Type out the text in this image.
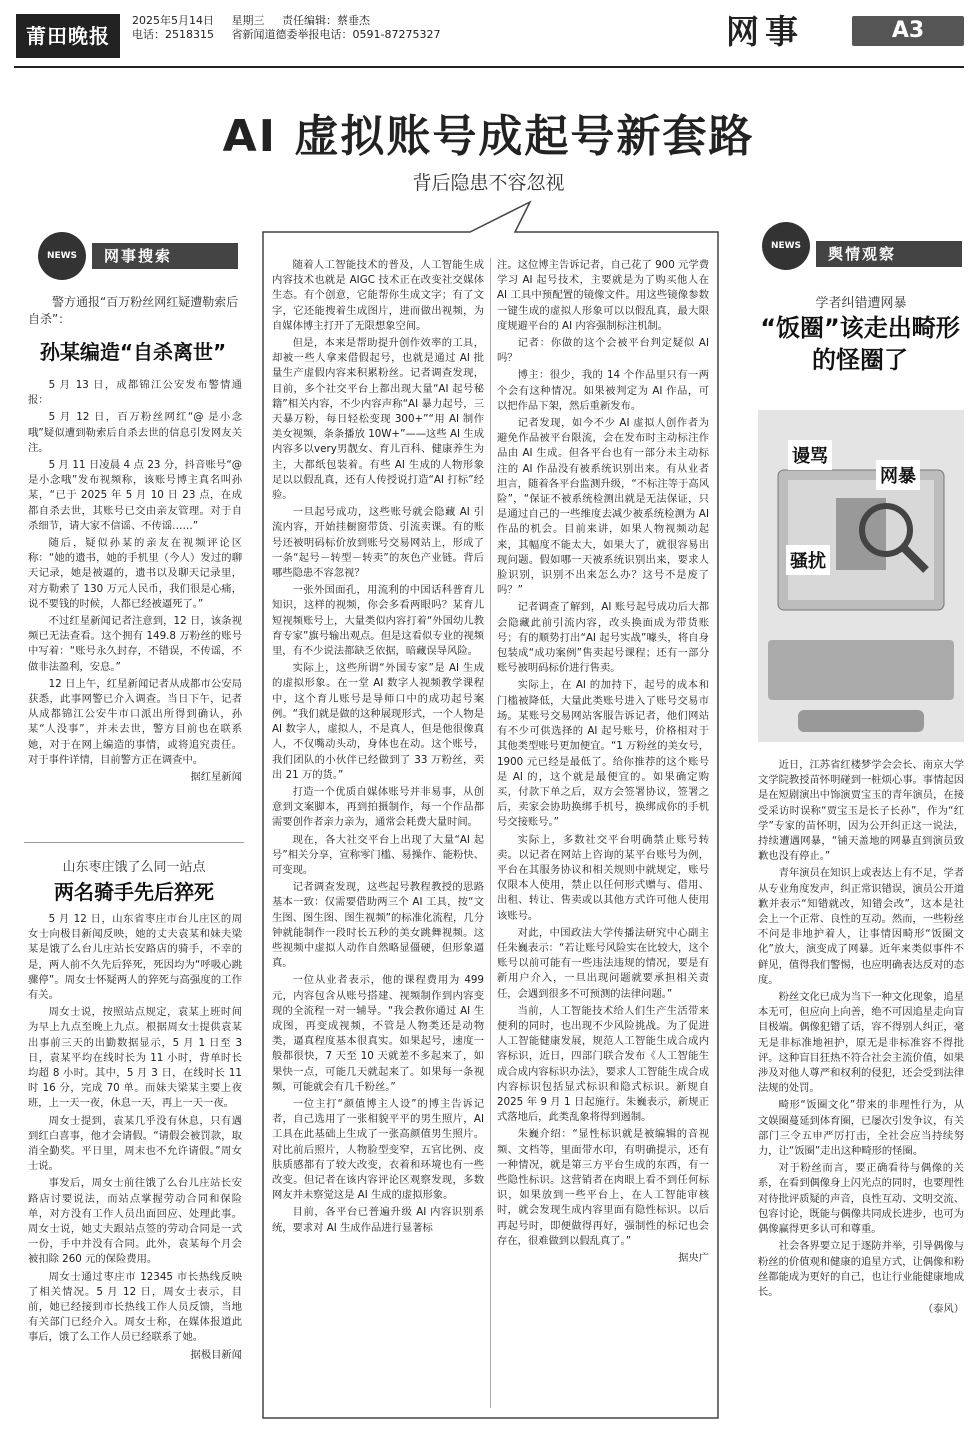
莆田晚报
2025年5月14日 星期三 责任编辑：蔡垂杰
电话：2518315 省新闻道德委举报电话：0591-87275327	网事	A3
AI 虚拟账号成起号新套路
背后隐患不容忽视

随着人工智能技术的普及，人工智能生成内容技术也就是 AIGC 技术正在改变社交媒体生态。有个创意，它能帮你生成文字；有了文字，它还能搜着生成图片，进而做出视频，为自媒体博主打开了无限想象空间。

但是，本来是帮助提升创作效率的工具，却被一些人拿来借假起号，也就是通过 AI 批量生产虚假内容来积累粉丝。记者调查发现，目前，多个社交平台上都出现大量“AI 起号秘籍”相关内容，不少内容声称“AI 暴力起号，三天暴万粉，每日轻松变现 300+”“用 AI 制作美女视频，条条播放 10W+”——这些 AI 生成内容多以very男靓女、育儿百科、健康养生为主，大都纸包装着。有些 AI 生成的人物形象足以以假乱真，还有人传授说打造“AI 打标”经验。

一旦起号成功，这些账号就会隐藏 AI 引流内容，开始挂橱窗带货、引流卖课。有的账号还被明码标价放到账号交易网站上，形成了一条“起号－转型－转卖”的灰色产业链。背后哪些隐患不容忽视？

一张外国面孔，用流利的中国话科普育儿知识，这样的视频，你会多看两眼吗？某育儿短视频账号上，大量类似内容打着“外国幼儿教育专家”旗号输出观点。但是这看似专业的视频里，有不少说法都缺乏依据，暗藏误导风险。

实际上，这些所谓“外国专家”是 AI 生成的虚拟形象。在一堂 AI 数字人视频教学课程中，这个育儿账号是导师口中的成功起号案例。“我们就是做的这种展现形式，一个人物是 AI 数字人，虚拟人，不是真人，但是他很像真人，不仅嘴动头动，身体也在动。这个账号，我们团队的小伙伴已经做到了 33 万粉丝，卖出 21 万的货。”

打造一个优质自媒体账号并非易事，从创意到文案脚本，再到拍摄制作，每一个作品都需要创作者亲力亲为，通常会耗费大量时间。

现在，各大社交平台上出现了大量“AI 起号”相关分享，宣称零门槛、易操作、能粉快、可变现。

记者调查发现，这些起号教程教授的思路基本一致：仅需要借助两三个 AI 工具，按“文生图、图生图、图生视频”的标准化流程，几分钟就能制作一段时长五秒的美女跳舞视频。这些视频中虚拟人动作自然略显僵硬，但形象逼真。

一位从业者表示，他的课程费用为 499 元，内容包含从账号搭建、视频制作到内容变现的全流程一对一辅导。“我会教你通过 AI 生成图，再变成视频，不管是人物类还是动物类，逼真程度基本很真实。如果起号，速度一般都很快，7 天至 10 天就差不多起来了，如果快一点，可能几天就起来了。如果每一条视频，可能就会有几千粉丝。”

一位主打“颜值博主人设”的博主告诉记者，自己选用了一张相貌平平的男生照片，AI 工具在此基础上生成了一张高颜值男生照片。对比前后照片，人物脸型变窄，五官比例、皮肤质感都有了较大改变，衣着和环境也有一些改变。但记者在该内容评论区观察发现，多数网友并未察觉这是 AI 生成的虚拟形象。

目前，各平台已普遍升级 AI 内容识别系统，要求对 AI 生成作品进行显著标

注。这位博主告诉记者，自己花了 900 元学费学习 AI 起号技术，主要就是为了购买他人在 AI 工具中预配置的镜像文件。用这些镜像参数一键生成的虚拟人形象可以以假乱真，最大限度规避平台的 AI 内容强制标注机制。

记者：你做的这个会被平台判定疑似 AI 吗？

博主：很少，我的 14 个作品里只有一两个会有这种情况。如果被判定为 AI 作品，可以把作品下架，然后重新发布。

记者发现，如今不少 AI 虚拟人创作者为避免作品被平台限流，会在发布时主动标注作品由 AI 生成。但各平台也有一部分未主动标注的 AI 作品没有被系统识别出来。有从业者坦言，随着各平台监测升级，“不标注等于高风险”，“保证不被系统检测出就是无法保证，只是通过自己的一些维度去减少被系统检测为 AI 作品的机会。目前来讲，如果人物视频动起来，其幅度不能太大，如果大了，就很容易出现问题。假如哪一天被系统识别出来，要求人脸识别，识别不出来怎么办？这号不是废了吗？”

记者调查了解到，AI 账号起号成功后大都会隐藏此前引流内容，改头换面成为带货账号；有的顺势打出“AI 起号实战”噱头，将自身包装成“成功案例”售卖起号课程；还有一部分账号被明码标价进行售卖。

实际上，在 AI 的加持下，起号的成本和门槛被降低，大量此类账号进入了账号交易市场。某账号交易网站客服告诉记者，他们网站有不少可供选择的 AI 起号账号，价格相对于其他类型账号更加便宜。“1 万粉丝的美女号，1900 元已经是最低了。给你推荐的这个账号是 AI 的，这个就是最便宜的。如果确定购买，付款下单之后，双方会签署协议，签署之后，卖家会协助换绑手机号，换绑成你的手机号交接账号。”

实际上，多数社交平台明确禁止账号转卖。以记者在网站上咨询的某平台账号为例，平台在其服务协议和相关规则中就规定，账号仅限本人使用，禁止以任何形式赠与、借用、出租、转让、售卖或以其他方式许可他人使用该账号。

对此，中国政法大学传播法研究中心副主任朱巍表示：“若让账号风险实在比较大，这个账号以前可能有一些违法违规的情况，要是有新用户介入，一旦出现问题就要承担相关责任，会遇到很多不可预测的法律问题。”

当前，人工智能技术给人们生产生活带来便利的同时，也出现不少风险挑战。为了促进人工智能健康发展，规范人工智能生成合成内容标识，近日，四部门联合发布《人工智能生成合成内容标识办法》，要求人工智能生成合成内容标识包括显式标识和隐式标识。新规自 2025 年 9 月 1 日起施行。朱巍表示，新规正式落地后，此类乱象将得到遏制。

朱巍介绍：“显性标识就是被编辑的音视频、文档等，里面带水印，有明确提示，还有一种情况，就是第三方平台生成的东西，有一些隐性标识。这营销者在肉眼上看不到任何标识，如果放到一些平台上，在人工智能审核时，就会发现生成内容里面有隐性标识。以后再起号时，即便做得再好，强制性的标记也会存在，很难做到以假乱真了。”

据央广

NEWS	网事搜索
警方通报“百万粉丝网红疑遭勒索后自杀”：
孙某编造“自杀离世”

5 月 13 日，成都锦江公安发布警情通报：

5 月 12 日，百万粉丝网红“@ 是小念哦”疑似遭到勒索后自杀去世的信息引发网友关注。

5 月 11 日凌晨 4 点 23 分，抖音账号“@ 是小念哦”发布视频称，该账号博主真名叫孙某，“已于 2025 年 5 月 10 日 23 点，在成都自杀去世，其账号已交由亲友管理。对于自杀细节，请大家不信谣、不传谣……”

随后，疑似孙某的亲友在视频评论区称：“她的遗书，她的手机里（今人）发过的聊天记录，她是被逼的，遗书以及聊天记录里，对方勒索了 130 万元人民币，我们很是心痛，说不要钱的时候，人都已经被逼死了。”

不过红星新闻记者注意到，12 日，该条视频已无法查看。这个拥有 149.8 万粉丝的账号中写着：“账号永久封存，不错误，不传谣，不做非法盈利，安息。”

12 日上午，红星新闻记者从成都市公安局获悉，此事网警已介入调查。当日下午，记者从成都锦江公安牛市口派出所得到确认，孙某“人没事”，并未去世，警方目前也在联系她，对于在网上编造的事情，或将追究责任。对于事件详情，目前警方正在调查中。

据红星新闻

山东枣庄饿了么同一站点
两名骑手先后猝死

5 月 12 日，山东省枣庄市台儿庄区的周女士向极目新闻反映，她的丈夫袁某和妹夫梁某是饿了么台儿庄站长安路店的骑手，不幸的是，两人前不久先后猝死，死因均为“呼吸心跳骤停”。周女士怀疑两人的猝死与高强度的工作有关。

周女士说，按照站点规定，袁某上班时间为早上九点至晚上九点。根据周女士提供袁某出事前三天的出勤数据显示，5 月 1 日至 3 日，袁某平均在线时长为 11 小时，背单时长均超 8 小时。其中，5 月 3 日，在线时长 11 时 16 分，完成 70 单。而妹夫梁某主要上夜班，上一天一夜，休息一天，再上一天一夜。

周女士提到，袁某几乎没有休息，只有遇到红白喜事，他才会请假。“请假会被罚款，取消全勤奖。平日里，周末也不允许请假。”周女士说。

事发后，周女士前往饿了么台儿庄站长安路店讨要说法，而站点掌握劳动合同和保险单，对方没有工作人员出面回应、处理此事。周女士说，她丈夫跟站点签的劳动合同是一式一份，手中并没有合同。此外，袁某每个月会被扣除 260 元的保险费用。

周女士通过枣庄市 12345 市长热线反映了相关情况。5 月 12 日，周女士表示，目前，她已经接到市长热线工作人员反馈，当地有关部门已经介入。周女士称，在媒体报道此事后，饿了么工作人员已经联系了她。

据极目新闻

NEWS	舆情观察
学者纠错遭网暴
“饭圈”该走出畸形的怪圈了
谩骂
网暴
骚扰

近日，江苏省红楼梦学会会长、南京大学文学院教授苗怀明碰到一桩烦心事。事情起因是在短剧演出中饰演贾宝玉的青年演员，在接受采访时误称“贾宝玉是长子长孙”，作为“红学”专家的苗怀明，因为公开纠正这一说法，持续遭遇网暴，“铺天盖地的网暴直到演员致歉也没有停止。”

青年演员在知识上或表达上有不足，学者从专业角度发声，纠正常识错误，演员公开道歉并表示“知错就改，知错会改”，这本是社会上一个正常、良性的互动。然而，一些粉丝不问是非地护着人，让事情因畸形“饭圈文化”放大，演变成了网暴。近年来类似事件不鲜见，值得我们警惕，也应明确表达反对的态度。

粉丝文化已成为当下一种文化现象，追星本无可，但应向上向善，绝不可因追星走向盲目极端。偶像犯错了话，容不得别人纠正，毫无是非标准地袒护，原无是非标准容不得批评。这种盲目狂热不符合社会主流价值，如果涉及对他人尊严和权利的侵犯，还会受到法律法规的处罚。

畸形“饭圈文化”带来的非理性行为，从文娱圈蔓延到体育圈，已屡次引发争议，有关部门三令五申严厉打击，全社会应当持续努力，让“饭圈”走出这种畸形的怪圈。

对于粉丝而言，要正确看待与偶像的关系，在看到偶像身上闪光点的同时，也要理性对待批评质疑的声音，良性互动、文明交流、包容讨论，既能与偶像共同成长进步，也可为偶像赢得更多认可和尊重。

社会各界要立足于逐防并举，引导偶像与粉丝的价值观和健康的追星方式，让偶像和粉丝都能成为更好的自己，也让行业能健康地成长。

（泰风）
